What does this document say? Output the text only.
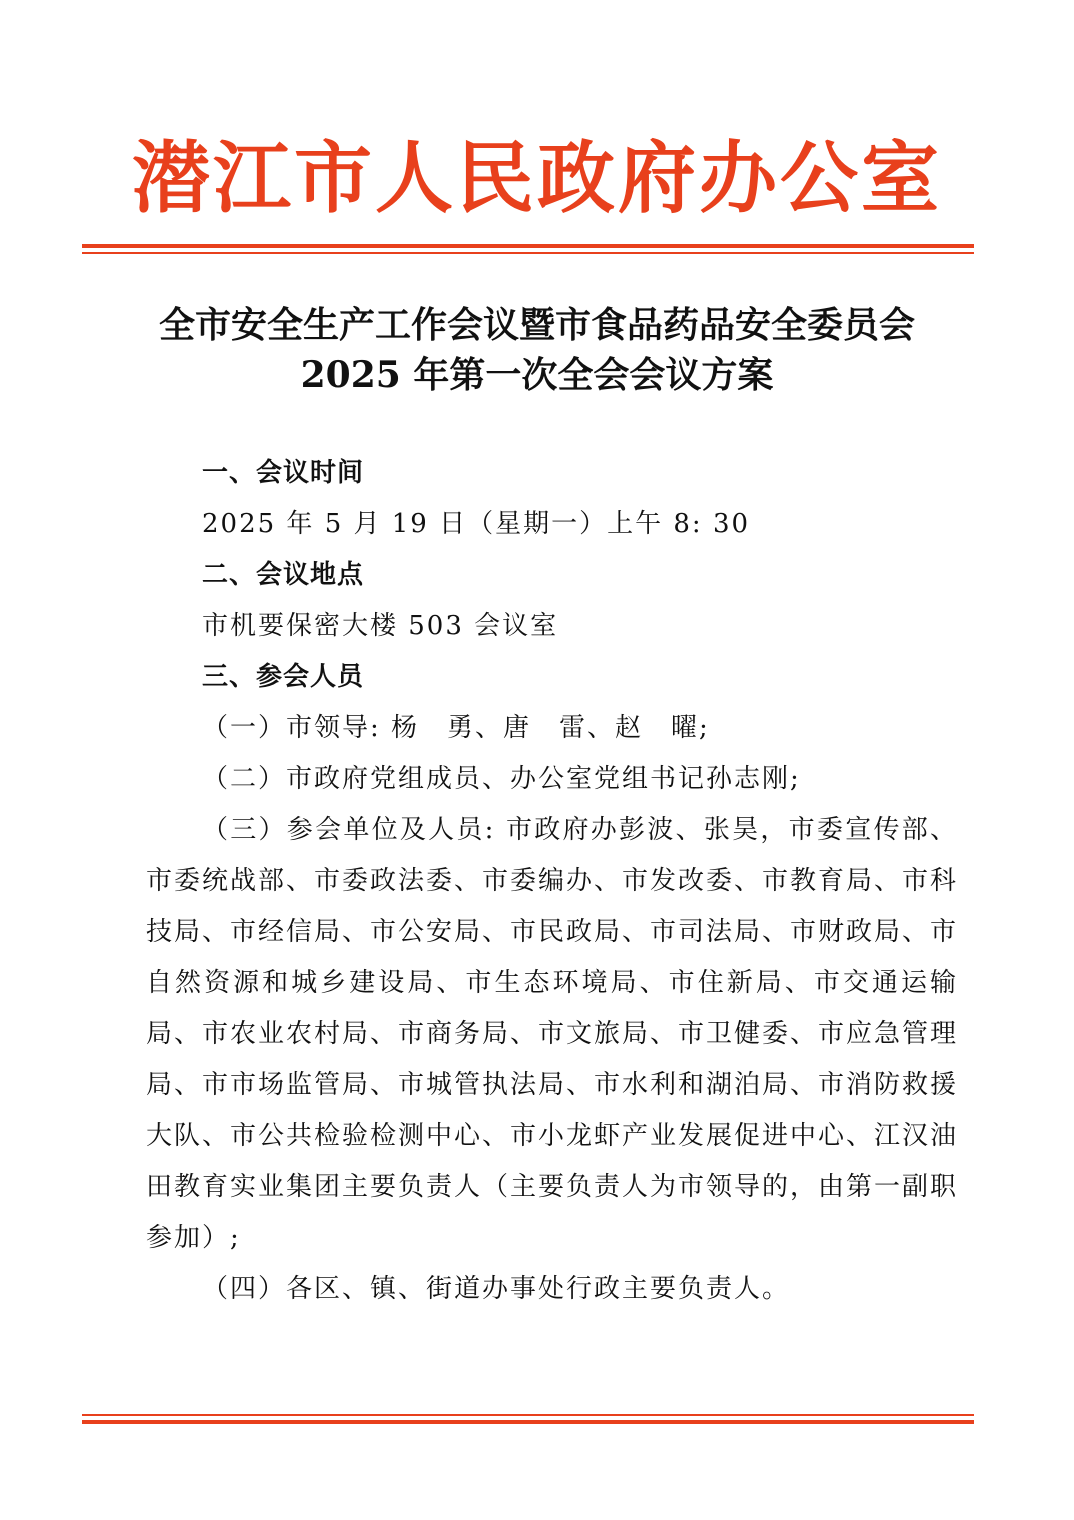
潜江市人民政府办公室
全市安全生产工作会议暨市食品药品安全委员会
2025 年第一次全会会议方案

一、会议时间

2025 年 5 月 19 日（星期一）上午 8: 30

二、会议地点

市机要保密大楼 503 会议室

三、参会人员

（一）市领导: 杨　勇、唐　雷、赵　曜;

（二）市政府党组成员、办公室党组书记孙志刚;

（三）参会单位及人员: 市政府办彭波、张昊，市委宣传部、市委统战部、市委政法委、市委编办、市发改委、市教育局、市科技局、市经信局、市公安局、市民政局、市司法局、市财政局、市自然资源和城乡建设局、市生态环境局、市住新局、市交通运输局、市农业农村局、市商务局、市文旅局、市卫健委、市应急管理局、市市场监管局、市城管执法局、市水利和湖泊局、市消防救援大队、市公共检验检测中心、市小龙虾产业发展促进中心、江汉油田教育实业集团主要负责人（主要负责人为市领导的，由第一副职参加）;

（四）各区、镇、街道办事处行政主要负责人。
